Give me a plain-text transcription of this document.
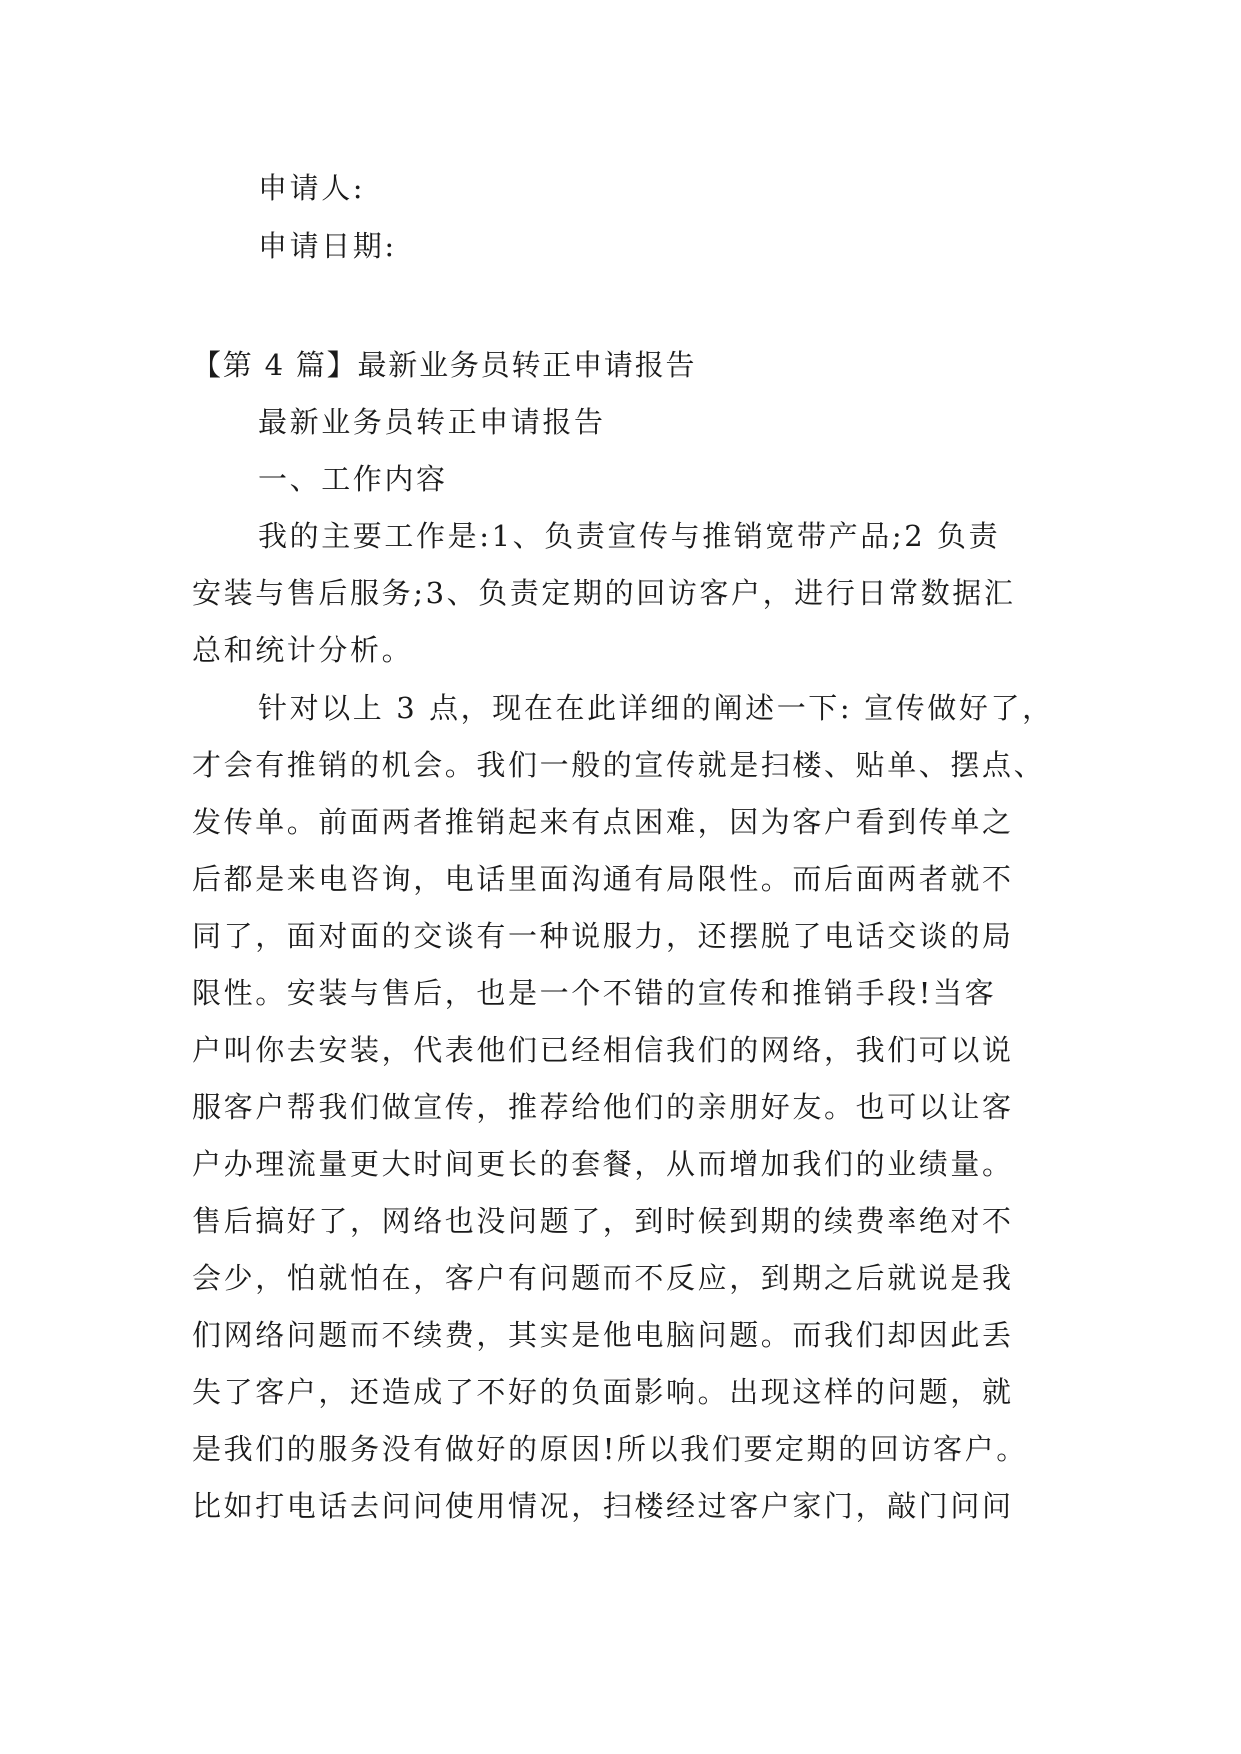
申请人:
申请日期:
【第 4 篇】最新业务员转正申请报告
最新业务员转正申请报告
一、工作内容
我的主要工作是:1、负责宣传与推销宽带产品;2 负责
安装与售后服务;3、负责定期的回访客户，进行日常数据汇
总和统计分析。
针对以上 3 点，现在在此详细的阐述一下: 宣传做好了，
才会有推销的机会。我们一般的宣传就是扫楼、贴单、摆点、
发传单。前面两者推销起来有点困难，因为客户看到传单之
后都是来电咨询，电话里面沟通有局限性。而后面两者就不
同了，面对面的交谈有一种说服力，还摆脱了电话交谈的局
限性。安装与售后，也是一个不错的宣传和推销手段!当客
户叫你去安装，代表他们已经相信我们的网络，我们可以说
服客户帮我们做宣传，推荐给他们的亲朋好友。也可以让客
户办理流量更大时间更长的套餐，从而增加我们的业绩量。
售后搞好了，网络也没问题了，到时候到期的续费率绝对不
会少，怕就怕在，客户有问题而不反应，到期之后就说是我
们网络问题而不续费，其实是他电脑问题。而我们却因此丢
失了客户，还造成了不好的负面影响。出现这样的问题，就
是我们的服务没有做好的原因!所以我们要定期的回访客户。
比如打电话去问问使用情况，扫楼经过客户家门，敲门问问
